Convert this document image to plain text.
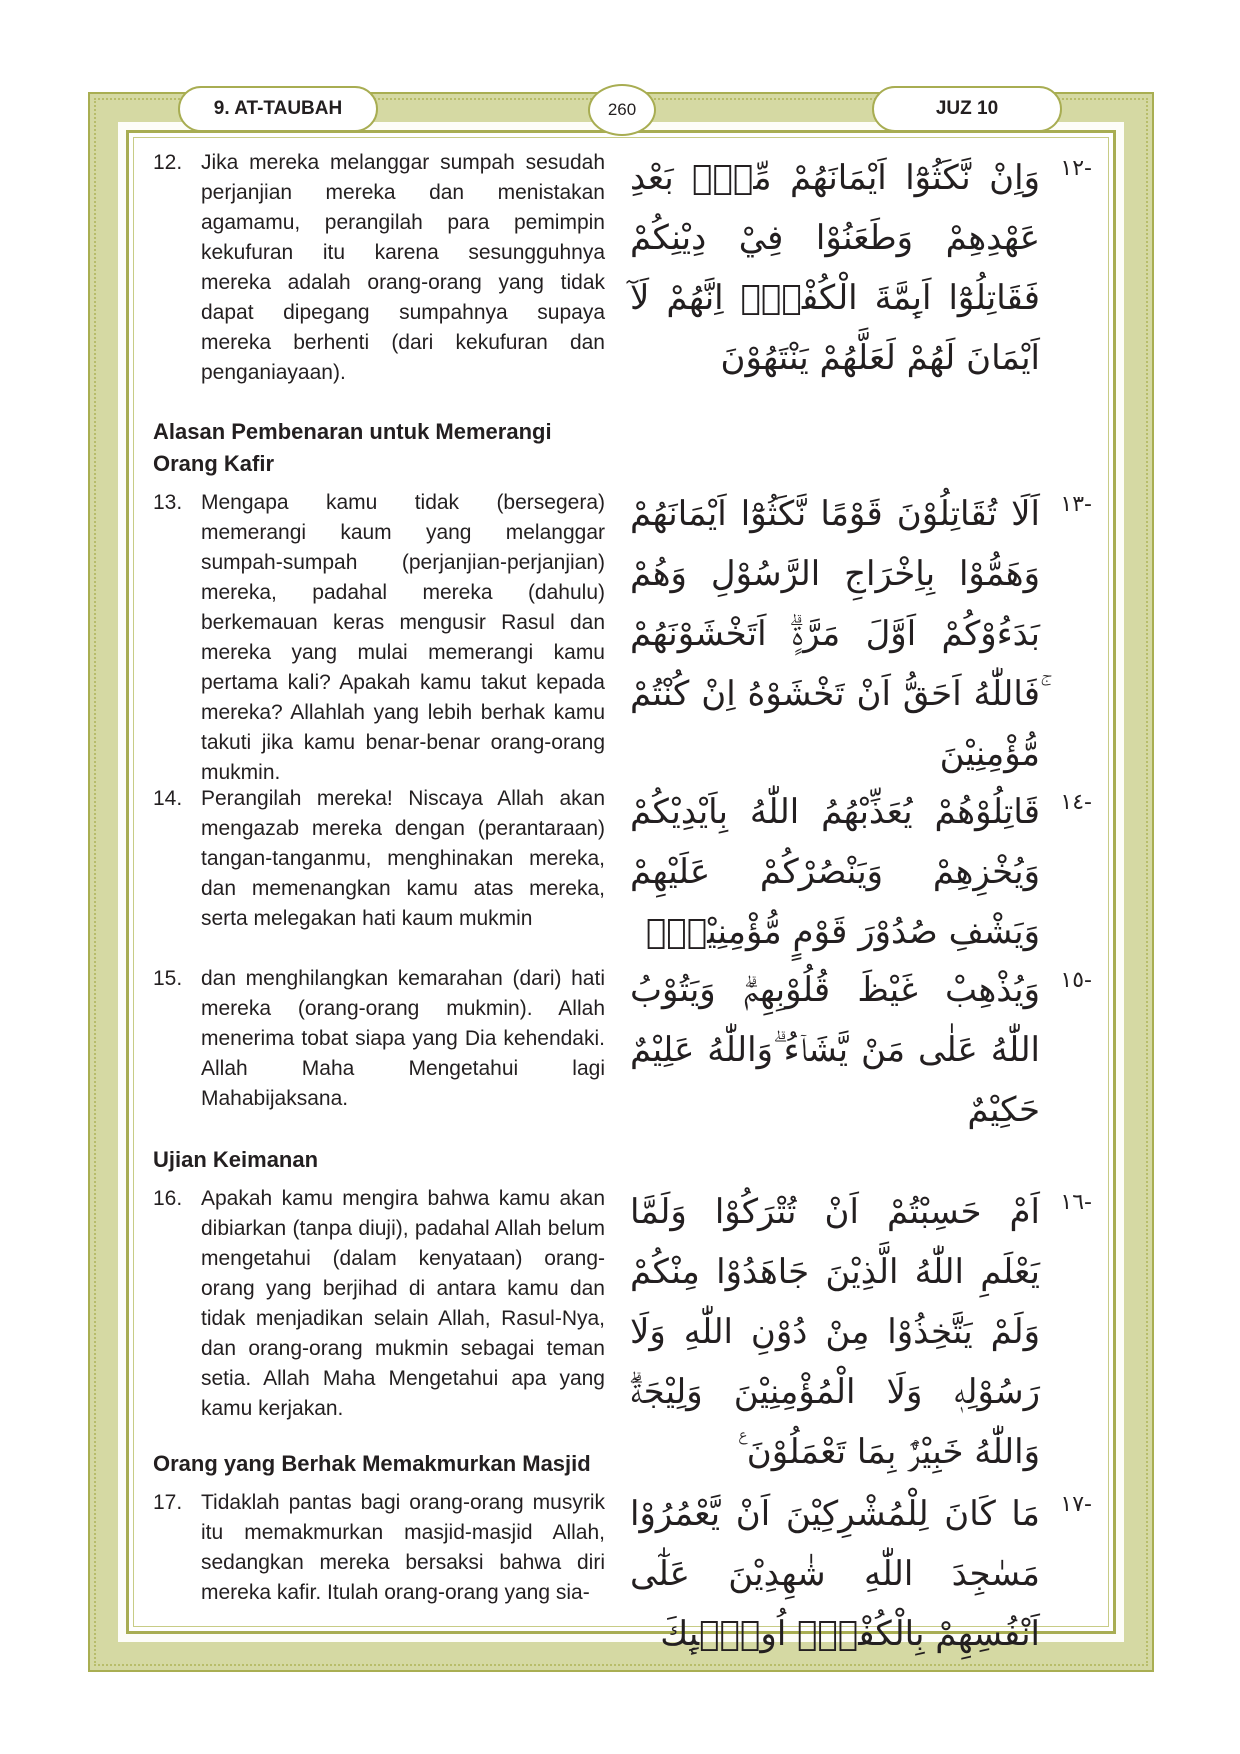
9. AT-TAUBAH	260	JUZ 10
12. Jika mereka melanggar sumpah sesudah perjanjian mereka dan menistakan agamamu, perangilah para pemimpin kekufuran itu karena sesungguhnya mereka adalah orang-orang yang tidak dapat dipegang sumpahnya supaya mereka berhenti (dari kekufuran dan penganiayaan).
Alasan Pembenaran untuk Memerangi Orang Kafir
13. Mengapa kamu tidak (bersegera) memerangi kaum yang melanggar sumpah-sumpah (perjanjian-perjanjian) mereka, padahal mereka (dahulu) berkemauan keras mengusir Rasul dan mereka yang mulai memerangi kamu pertama kali? Apakah kamu takut kepada mereka? Allahlah yang lebih berhak kamu takuti jika kamu benar-benar orang-orang mukmin.
14. Perangilah mereka! Niscaya Allah akan mengazab mereka dengan (perantaraan) tangan-tanganmu, menghinakan mereka, dan memenangkan kamu atas mereka, serta melegakan hati kaum mukmin
15. dan menghilangkan kemarahan (dari) hati mereka (orang-orang mukmin). Allah menerima tobat siapa yang Dia kehendaki. Allah Maha Mengetahui lagi Mahabijaksana.
Ujian Keimanan
16. Apakah kamu mengira bahwa kamu akan dibiarkan (tanpa diuji), padahal Allah belum mengetahui (dalam kenyataan) orang-orang yang berjihad di antara kamu dan tidak menjadikan selain Allah, Rasul-Nya, dan orang-orang mukmin sebagai teman setia. Allah Maha Mengetahui apa yang kamu kerjakan.
Orang yang Berhak Memakmurkan Masjid
17. Tidaklah pantas bagi orang-orang musyrik itu memakmurkan masjid-masjid Allah, sedangkan mereka bersaksi bahwa diri mereka kafir. Itulah orang-orang yang sia-
-١٢
وَاِنْ نَّكَثُوْٓا اَيْمَانَهُمْ مِّنْۢ بَعْدِ عَهْدِهِمْ وَطَعَنُوْا فِيْ دِيْنِكُمْ فَقَاتِلُوْٓا اَىِٕمَّةَ الْكُفْرِۙ اِنَّهُمْ لَآ اَيْمَانَ لَهُمْ لَعَلَّهُمْ يَنْتَهُوْنَ
-١٣
اَلَا تُقَاتِلُوْنَ قَوْمًا نَّكَثُوْٓا اَيْمَانَهُمْ وَهَمُّوْا بِاِخْرَاجِ الرَّسُوْلِ وَهُمْ بَدَءُوْكُمْ اَوَّلَ مَرَّةٍۗ اَتَخْشَوْنَهُمْ ۚفَاللّٰهُ اَحَقُّ اَنْ تَخْشَوْهُ اِنْ كُنْتُمْ مُّؤْمِنِيْنَ
-١٤
قَاتِلُوْهُمْ يُعَذِّبْهُمُ اللّٰهُ بِاَيْدِيْكُمْ وَيُخْزِهِمْ وَيَنْصُرْكُمْ عَلَيْهِمْ وَيَشْفِ صُدُوْرَ قَوْمٍ مُّؤْمِنِيْنَۙ
-١٥
وَيُذْهِبْ غَيْظَ قُلُوْبِهِمْۗ وَيَتُوْبُ اللّٰهُ عَلٰى مَنْ يَّشَاۤءُ ۗوَاللّٰهُ عَلِيْمٌ حَكِيْمٌ
-١٦
اَمْ حَسِبْتُمْ اَنْ تُتْرَكُوْا وَلَمَّا يَعْلَمِ اللّٰهُ الَّذِيْنَ جَاهَدُوْا مِنْكُمْ وَلَمْ يَتَّخِذُوْا مِنْ دُوْنِ اللّٰهِ وَلَا رَسُوْلِهٖ وَلَا الْمُؤْمِنِيْنَ وَلِيْجَةًۗ وَاللّٰهُ خَبِيْرٌۢ بِمَا تَعْمَلُوْنَ ࣖ
-١٧
مَا كَانَ لِلْمُشْرِكِيْنَ اَنْ يَّعْمُرُوْا مَسٰجِدَ اللّٰهِ شٰهِدِيْنَ عَلٰٓى اَنْفُسِهِمْ بِالْكُفْرِۗ اُولٰۤىِٕكَ
